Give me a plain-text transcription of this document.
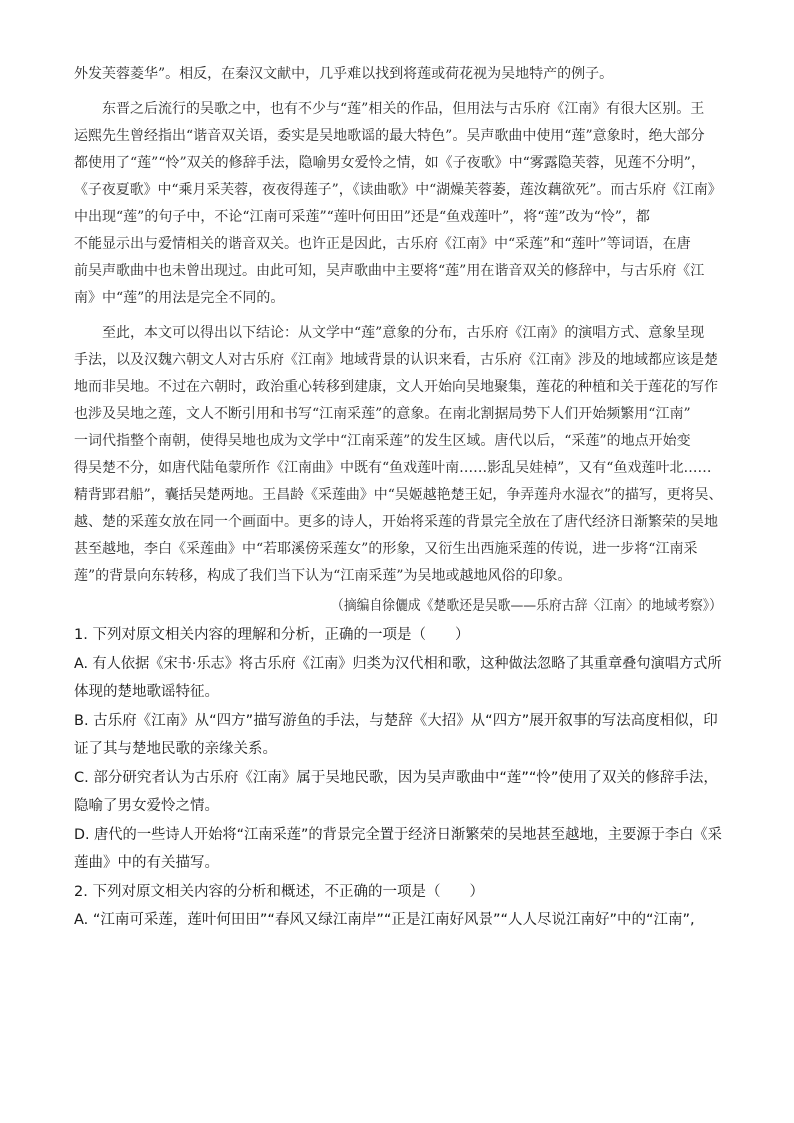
外发芙蓉菱华”。相反，在秦汉文献中，几乎难以找到将莲或荷花视为吴地特产的例子。
东晋之后流行的吴歌之中，也有不少与“莲”相关的作品，但用法与古乐府《江南》有很大区别。王
运熙先生曾经指出“谐音双关语，委实是吴地歌谣的最大特色”。吴声歌曲中使用“莲”意象时，绝大部分
都使用了“莲”“怜”双关的修辞手法，隐喻男女爱怜之情，如《子夜歌》中“雾露隐芙蓉，见莲不分明”，
《子夜夏歌》中“乘月采芙蓉，夜夜得莲子”，《读曲歌》中“湖燥芙蓉萎，莲汝藕欲死”。而古乐府《江南》
中出现“莲”的句子中，不论“江南可采莲”“莲叶何田田”还是“鱼戏莲叶”，将“莲”改为“怜”，都
不能显示出与爱情相关的谐音双关。也许正是因此，古乐府《江南》中“采莲”和“莲叶”等词语，在唐
前吴声歌曲中也未曾出现过。由此可知，吴声歌曲中主要将“莲”用在谐音双关的修辞中，与古乐府《江
南》中“莲”的用法是完全不同的。
至此，本文可以得出以下结论：从文学中“莲”意象的分布，古乐府《江南》的演唱方式、意象呈现
手法，以及汉魏六朝文人对古乐府《江南》地域背景的认识来看，古乐府《江南》涉及的地域都应该是楚
地而非吴地。不过在六朝时，政治重心转移到建康，文人开始向吴地聚集，莲花的种植和关于莲花的写作
也涉及吴地之莲，文人不断引用和书写“江南采莲”的意象。在南北割据局势下人们开始频繁用“江南”
一词代指整个南朝，使得吴地也成为文学中“江南采莲”的发生区域。唐代以后，“采莲”的地点开始变
得吴楚不分，如唐代陆龟蒙所作《江南曲》中既有“鱼戏莲叶南……影乱吴娃棹”，又有“鱼戏莲叶北……
精背郢君船”，囊括吴楚两地。王昌龄《采莲曲》中“吴姬越艳楚王妃，争弄莲舟水湿衣”的描写，更将吴、
越、楚的采莲女放在同一个画面中。更多的诗人，开始将采莲的背景完全放在了唐代经济日渐繁荣的吴地
甚至越地，李白《采莲曲》中“若耶溪傍采莲女”的形象，又衍生出西施采莲的传说，进一步将“江南采
莲”的背景向东转移，构成了我们当下认为“江南采莲”为吴地或越地风俗的印象。
（摘编自徐儷成《楚歌还是吴歌——乐府古辞〈江南〉的地域考察》）
1. 下列对原文相关内容的理解和分析，正确的一项是（　　）
A. 有人依据《宋书·乐志》将古乐府《江南》归类为汉代相和歌，这种做法忽略了其重章叠句演唱方式所
体现的楚地歌谣特征。
B. 古乐府《江南》从“四方”描写游鱼的手法，与楚辞《大招》从“四方”展开叙事的写法高度相似，印
证了其与楚地民歌的亲缘关系。
C. 部分研究者认为古乐府《江南》属于吴地民歌，因为吴声歌曲中“莲”“怜”使用了双关的修辞手法，
隐喻了男女爱怜之情。
D. 唐代的一些诗人开始将“江南采莲”的背景完全置于经济日渐繁荣的吴地甚至越地，主要源于李白《采
莲曲》中的有关描写。
2. 下列对原文相关内容的分析和概述，不正确的一项是（　　）
A. “江南可采莲，莲叶何田田”“春风又绿江南岸”“正是江南好风景”“人人尽说江南好”中的“江南”,
